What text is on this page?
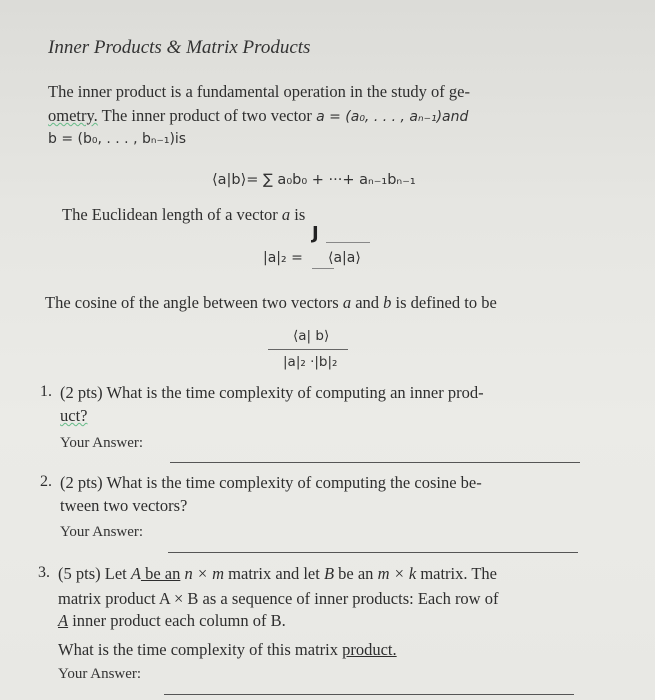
Inner Products & Matrix Products
The inner product is a fundamental operation in the study of ge-
ometry. The inner product of two vector a = (a₀, . . . , aₙ₋₁)and
b = (b₀, . . . , bₙ₋₁)is
⟨a|b⟩= ∑ a₀b₀ + ···+ aₙ₋₁bₙ₋₁
The Euclidean length of a vector a is
J
|a|₂ = ⟨a|a⟩
The cosine of the angle between two vectors a and b is defined to be
⟨a| b⟩
|a|₂ ·|b|₂
1. (2 pts) What is the time complexity of computing an inner prod-
uct?
Your Answer:
2. (2 pts) What is the time complexity of computing the cosine be-
tween two vectors?
Your Answer:
3. (5 pts) Let A be an n × m matrix and let B be an m × k matrix. The
matrix product A × B as a sequence of inner products: Each row of
A inner product each column of B.
What is the time complexity of this matrix product.
Your Answer:
